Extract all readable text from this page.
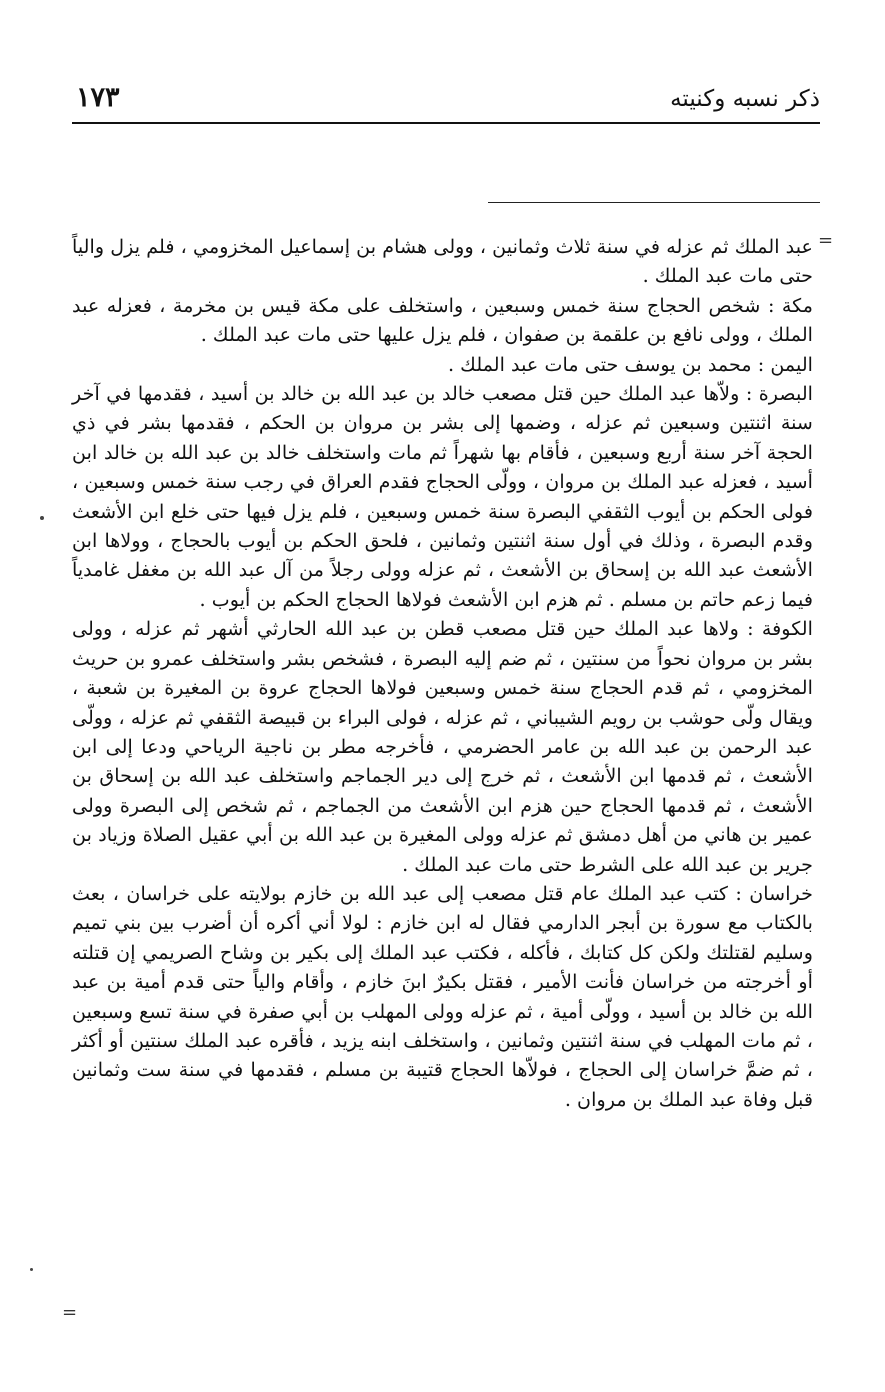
ذكر نسبه وكنيته
١٧٣
=

عبد الملك ثم عزله في سنة ثلاث وثمانين ، وولى هشام بن إسماعيل المخزومي ، فلم يزل والياً حتى مات عبد الملك .

مكة : شخص الحجاج سنة خمس وسبعين ، واستخلف على مكة قيس بن مخرمة ، فعزله عبد الملك ، وولى نافع بن علقمة بن صفوان ، فلم يزل عليها حتى مات عبد الملك .

اليمن : محمد بن يوسف حتى مات عبد الملك .

البصرة : ولاّها عبد الملك حين قتل مصعب خالد بن عبد الله بن خالد بن أسيد ، فقدمها في آخر سنة اثنتين وسبعين ثم عزله ، وضمها إلى بشر بن مروان بن الحكم ، فقدمها بشر في ذي الحجة آخر سنة أربع وسبعين ، فأقام بها شهراً ثم مات واستخلف خالد بن عبد الله بن خالد ابن أسيد ، فعزله عبد الملك بن مروان ، وولّى الحجاج فقدم العراق في رجب سنة خمس وسبعين ، فولى الحكم بن أيوب الثقفي البصرة سنة خمس وسبعين ، فلم يزل فيها حتى خلع ابن الأشعث وقدم البصرة ، وذلك في أول سنة اثنتين وثمانين ، فلحق الحكم بن أيوب بالحجاج ، وولاها ابن الأشعث عبد الله بن إسحاق بن الأشعث ، ثم عزله وولى رجلاً من آل عبد الله بن مغفل غامدياً فيما زعم حاتم بن مسلم . ثم هزم ابن الأشعث فولاها الحجاج الحكم بن أيوب .

الكوفة : ولاها عبد الملك حين قتل مصعب قطن بن عبد الله الحارثي أشهر ثم عزله ، وولى بشر بن مروان نحواً من سنتين ، ثم ضم إليه البصرة ، فشخص بشر واستخلف عمرو بن حريث المخزومي ، ثم قدم الحجاج سنة خمس وسبعين فولاها الحجاج عروة بن المغيرة بن شعبة ، ويقال ولّى حوشب بن رويم الشيباني ، ثم عزله ، فولى البراء بن قبيصة الثقفي ثم عزله ، وولّى عبد الرحمن بن عبد الله بن عامر الحضرمي ، فأخرجه مطر بن ناجية الرياحي ودعا إلى ابن الأشعث ، ثم قدمها ابن الأشعث ، ثم خرج إلى دير الجماجم واستخلف عبد الله بن إسحاق بن الأشعث ، ثم قدمها الحجاج حين هزم ابن الأشعث من الجماجم ، ثم شخص إلى البصرة وولى عمير بن هاني من أهل دمشق ثم عزله وولى المغيرة بن عبد الله بن أبي عقيل الصلاة وزياد بن جرير بن عبد الله على الشرط حتى مات عبد الملك .

خراسان : كتب عبد الملك عام قتل مصعب إلى عبد الله بن خازم بولايته على خراسان ، بعث بالكتاب مع سورة بن أبجر الدارمي فقال له ابن خازم : لولا أني أكره أن أضرب بين بني تميم وسليم لقتلتك ولكن كل كتابك ، فأكله ، فكتب عبد الملك إلى بكير بن وشاح الصريمي إن قتلته أو أخرجته من خراسان فأنت الأمير ، فقتل بكيرٌ ابنَ خازم ، وأقام والياً حتى قدم أمية بن عبد الله بن خالد بن أسيد ، وولّى أمية ، ثم عزله وولى المهلب بن أبي صفرة في سنة تسع وسبعين ، ثم مات المهلب في سنة اثنتين وثمانين ، واستخلف ابنه يزيد ، فأقره عبد الملك سنتين أو أكثر ، ثم ضمَّ خراسان إلى الحجاج ، فولاّها الحجاج قتيبة بن مسلم ، فقدمها في سنة ست وثمانين قبل وفاة عبد الملك بن مروان .

=
